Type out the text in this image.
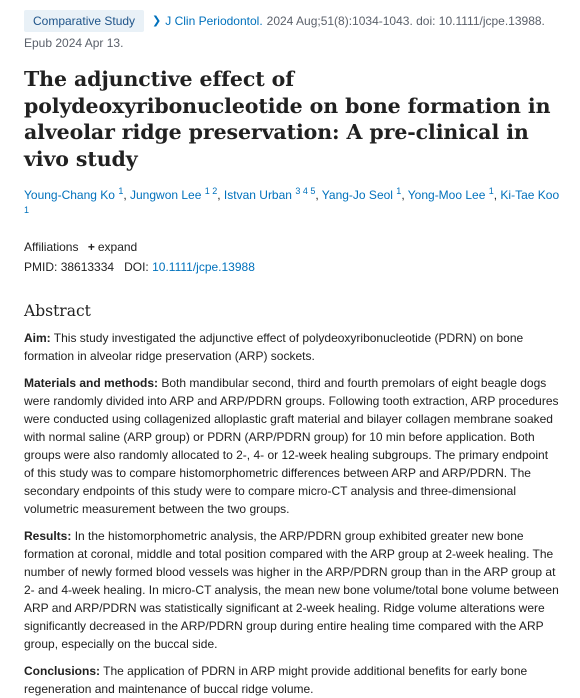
Comparative Study	❯ J Clin Periodontol. 2024 Aug;51(8):1034-1043. doi: 10.1111/jcpe.13988.
Epub 2024 Apr 13.
The adjunctive effect of polydeoxyribonucleotide on bone formation in alveolar ridge preservation: A pre-clinical in vivo study
Young-Chang Ko $^1$, Jungwon Lee $^{1 2}$, Istvan Urban $^{3 4 5}$, Yang-Jo Seol $^1$, Yong-Moo Lee $^1$, Ki-Tae Koo $^1$
Affiliations + expand
PMID: 38613334 DOI: 10.1111/jcpe.13988
Abstract

Aim: This study investigated the adjunctive effect of polydeoxyribonucleotide (PDRN) on bone formation in alveolar ridge preservation (ARP) sockets.

Materials and methods: Both mandibular second, third and fourth premolars of eight beagle dogs were randomly divided into ARP and ARP/PDRN groups. Following tooth extraction, ARP procedures were conducted using collagenized alloplastic graft material and bilayer collagen membrane soaked with normal saline (ARP group) or PDRN (ARP/PDRN group) for 10 min before application. Both groups were also randomly allocated to 2-, 4- or 12-week healing subgroups. The primary endpoint of this study was to compare histomorphometric differences between ARP and ARP/PDRN. The secondary endpoints of this study were to compare micro-CT analysis and three-dimensional volumetric measurement between the two groups.

Results: In the histomorphometric analysis, the ARP/PDRN group exhibited greater new bone formation at coronal, middle and total position compared with the ARP group at 2-week healing. The number of newly formed blood vessels was higher in the ARP/PDRN group than in the ARP group at 2- and 4-week healing. In micro-CT analysis, the mean new bone volume/total bone volume between ARP and ARP/PDRN was statistically significant at 2-week healing. Ridge volume alterations were significantly decreased in the ARP/PDRN group during entire healing time compared with the ARP group, especially on the buccal side.

Conclusions: The application of PDRN in ARP might provide additional benefits for early bone regeneration and maintenance of buccal ridge volume.
